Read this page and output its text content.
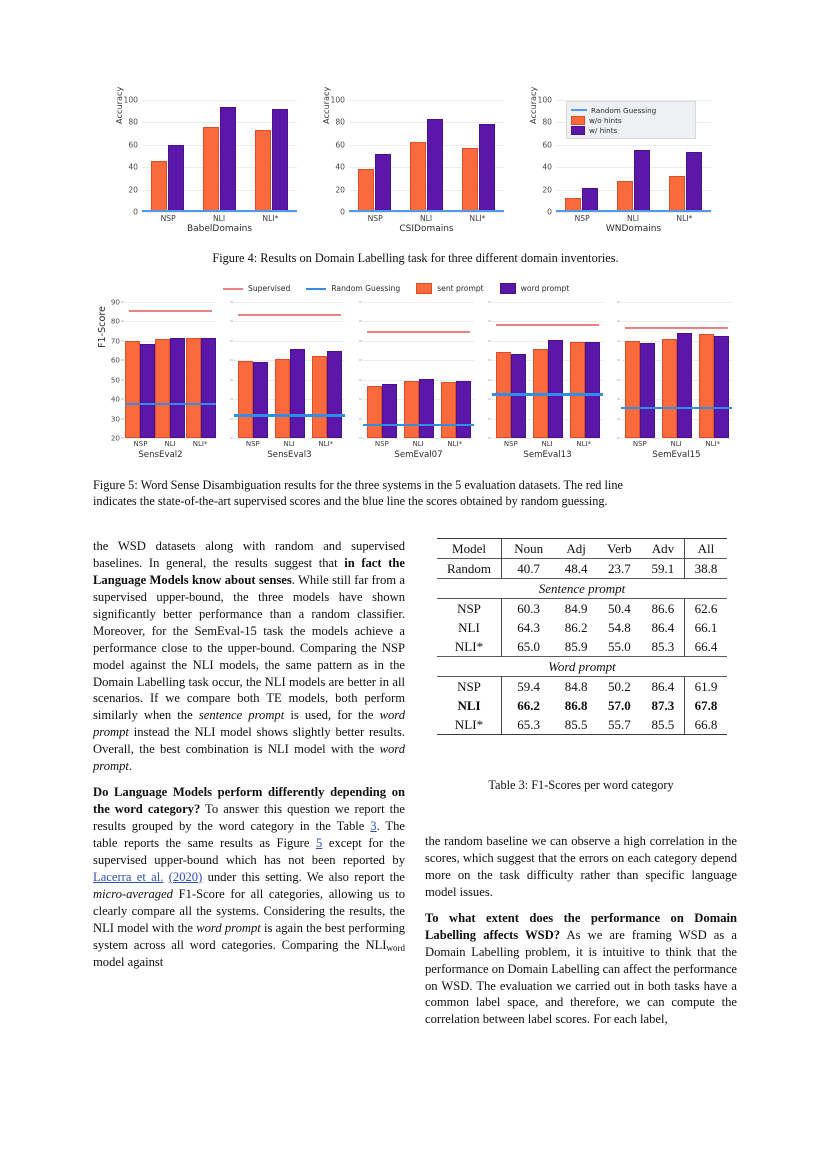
Accuracy
0
20
40
60
80
100
NSP	NLI	NLI*
BabelDomains
Accuracy
0
20
40
60
80
100
NSP	NLI	NLI*
CSIDomains
Accuracy
0
20
40
60
80
100
NSP	NLI	NLI*
WNDomains
Random Guessing
w/o hints
w/ hints
Figure 4: Results on Domain Labelling task for three different domain inventories.
Supervised	Random Guessing	sent prompt	word prompt
F1-Score
20
30
40
50
60
70
80
90
NSP NLI NLI*
SensEval2
NSP	NLI	NLI*
SensEval3
NSP	NLI	NLI*
SemEval07
NSP	NLI	NLI*
SemEval13
NSP	NLI	NLI*
SemEval15
Figure 5: Word Sense Disambiguation results for the three systems in the 5 evaluation datasets. The red line
indicates the state-of-the-art supervised scores and the blue line the scores obtained by random guessing.

the WSD datasets along with random and supervised baselines. In general, the results suggest that in fact the Language Models know about senses. While still far from a supervised upper-bound, the three models have shown significantly better performance than a random classifier. Moreover, for the SemEval-15 task the models achieve a performance close to the upper-bound. Comparing the NSP model against the NLI models, the same pattern as in the Domain Labelling task occur, the NLI models are better in all scenarios. If we compare both TE models, both perform similarly when the sentence prompt is used, for the word prompt instead the NLI model shows slightly better results. Overall, the best combination is NLI model with the word prompt.

Do Language Models perform differently depending on the word category? To answer this question we report the results grouped by the word category in the Table 3. The table reports the same results as Figure 5 except for the supervised upper-bound which has not been reported by Lacerra et al. (2020) under this setting. We also report the micro-averaged F1-Score for all categories, allowing us to clearly compare all the systems. Considering the results, the NLI model with the word prompt is again the best performing system across all word categories. Comparing the $NLI_{word}$ model against

Model	Noun	Adj	Verb	Adv	All
Random	40.7	48.4	23.7	59.1	38.8
Sentence prompt					
NSP	60.3	84.9	50.4	86.6	62.6
NLI	64.3	86.2	54.8	86.4	66.1
NLI*	65.0	85.9	55.0	85.3	66.4
Word prompt					
NSP	59.4	84.8	50.2	86.4	61.9
NLI	66.2	86.8	57.0	87.3	67.8
NLI*	65.3	85.5	55.7	85.5	66.8
Table 3: F1-Scores per word category

the random baseline we can observe a high correlation in the scores, which suggest that the errors on each category depend more on the task difficulty rather than specific language model issues.

To what extent does the performance on Domain Labelling affects WSD? As we are framing WSD as a Domain Labelling problem, it is intuitive to think that the performance on Domain Labelling can affect the performance on WSD. The evaluation we carried out in both tasks have a common label space, and therefore, we can compute the correlation between label scores. For each label,
